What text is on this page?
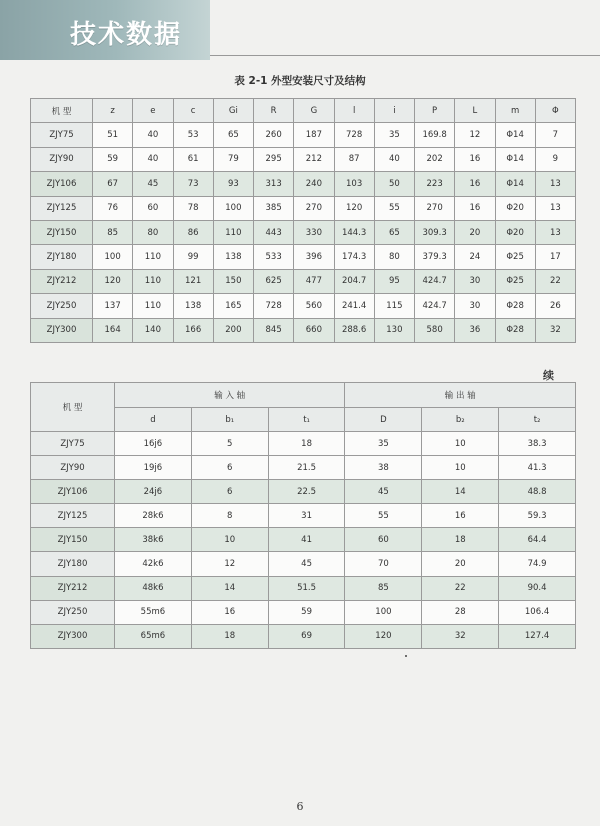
技术数据
表 2-1 外型安装尺寸及结构
机 型	z	e	c	Gi	R	G	l	i	P	L	m	Φ
ZJY75	51	40	53	65	260	187	728	35	169.8	12	Φ14	7
ZJY90	59	40	61	79	295	212	87	40	202	16	Φ14	9
ZJY106	67	45	73	93	313	240	103	50	223	16	Φ14	13
ZJY125	76	60	78	100	385	270	120	55	270	16	Φ20	13
ZJY150	85	80	86	110	443	330	144.3	65	309.3	20	Φ20	13
ZJY180	100	110	99	138	533	396	174.3	80	379.3	24	Φ25	17
ZJY212	120	110	121	150	625	477	204.7	95	424.7	30	Φ25	22
ZJY250	137	110	138	165	728	560	241.4	115	424.7	30	Φ28	26
ZJY300	164	140	166	200	845	660	288.6	130	580	36	Φ28	32
续
机 型	输 入 轴			输 出 轴		
	d	b₁	t₁	D	b₂	t₂
ZJY75	16j6	5	18	35	10	38.3
ZJY90	19j6	6	21.5	38	10	41.3
ZJY106	24j6	6	22.5	45	14	48.8
ZJY125	28k6	8	31	55	16	59.3
ZJY150	38k6	10	41	60	18	64.4
ZJY180	42k6	12	45	70	20	74.9
ZJY212	48k6	14	51.5	85	22	90.4
ZJY250	55m6	16	59	100	28	106.4
ZJY300	65m6	18	69	120	32	127.4
6
